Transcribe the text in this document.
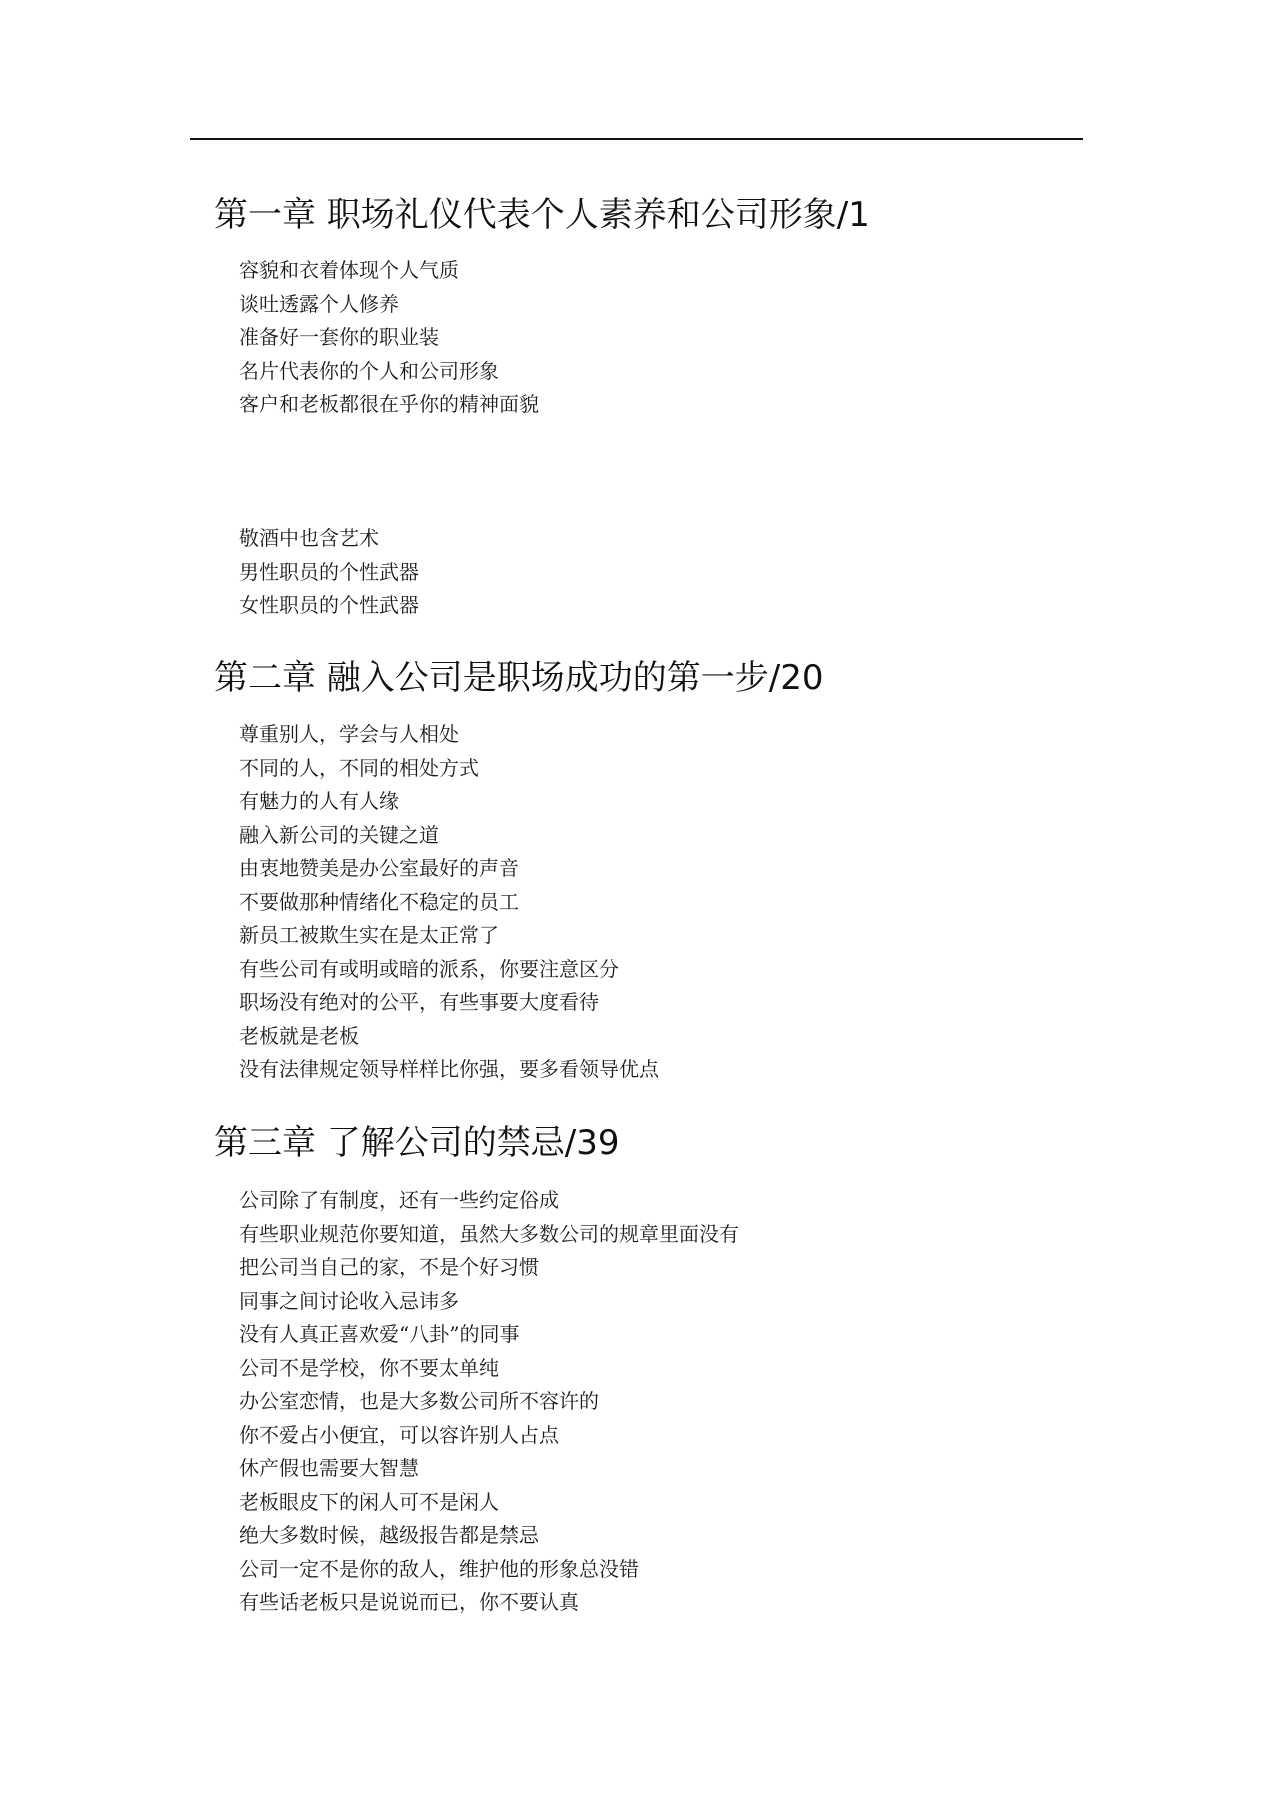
第一章 职场礼仪代表个人素养和公司形象/1
容貌和衣着体现个人气质
谈吐透露个人修养
准备好一套你的职业装
名片代表你的个人和公司形象
客户和老板都很在乎你的精神面貌
敬酒中也含艺术
男性职员的个性武器
女性职员的个性武器
第二章 融入公司是职场成功的第一步/20
尊重别人，学会与人相处
不同的人，不同的相处方式
有魅力的人有人缘
融入新公司的关键之道
由衷地赞美是办公室最好的声音
不要做那种情绪化不稳定的员工
新员工被欺生实在是太正常了
有些公司有或明或暗的派系，你要注意区分
职场没有绝对的公平，有些事要大度看待
老板就是老板
没有法律规定领导样样比你强，要多看领导优点
第三章 了解公司的禁忌/39
公司除了有制度，还有一些约定俗成
有些职业规范你要知道，虽然大多数公司的规章里面没有
把公司当自己的家，不是个好习惯
同事之间讨论收入忌讳多
没有人真正喜欢爱“八卦”的同事
公司不是学校，你不要太单纯
办公室恋情，也是大多数公司所不容许的
你不爱占小便宜，可以容许别人占点
休产假也需要大智慧
老板眼皮下的闲人可不是闲人
绝大多数时候，越级报告都是禁忌
公司一定不是你的敌人，维护他的形象总没错
有些话老板只是说说而已，你不要认真
